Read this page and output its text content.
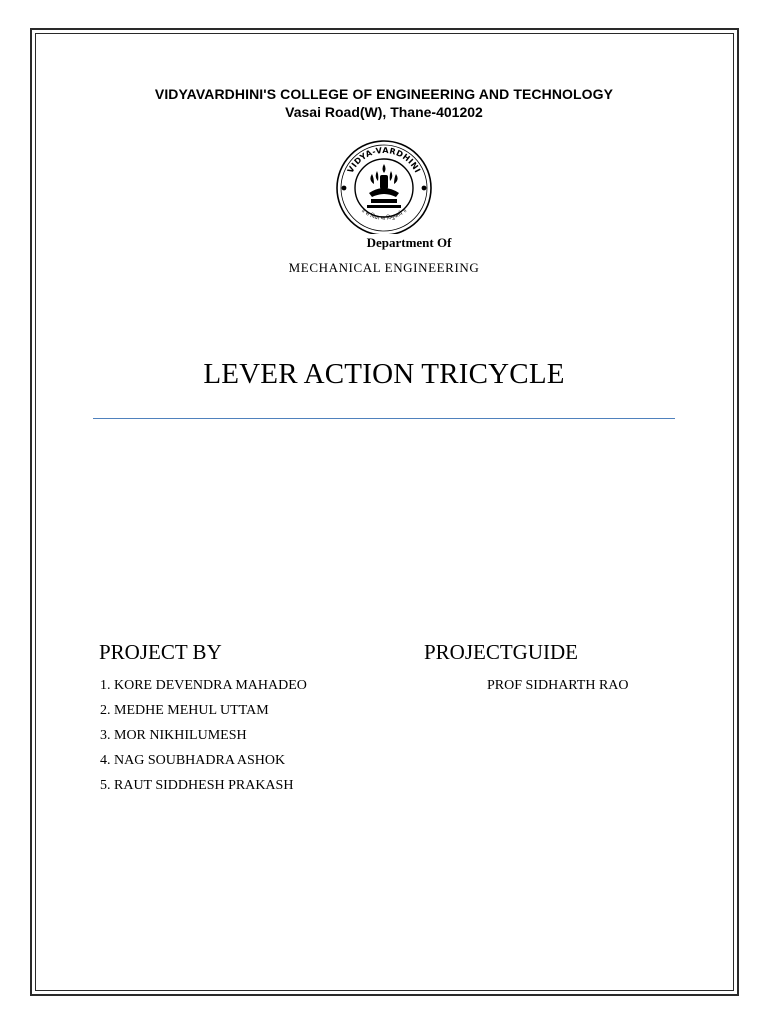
VIDYAVARDHINI'S COLLEGE OF ENGINEERING AND TECHNOLOGY
Vasai Road(W), Thane-401202
VIDYA-VARDHINI
॥ स विद्या या विमुक्तये ॥
Department Of
MECHANICAL ENGINEERING
LEVER ACTION TRICYCLE
PROJECT BY	PROJECTGUIDE
1. KORE DEVENDRA MAHADEO
2. MEDHE MEHUL UTTAM
3. MOR NIKHILUMESH
4. NAG SOUBHADRA ASHOK
5. RAUT SIDDHESH PRAKASH
PROF SIDHARTH RAO
